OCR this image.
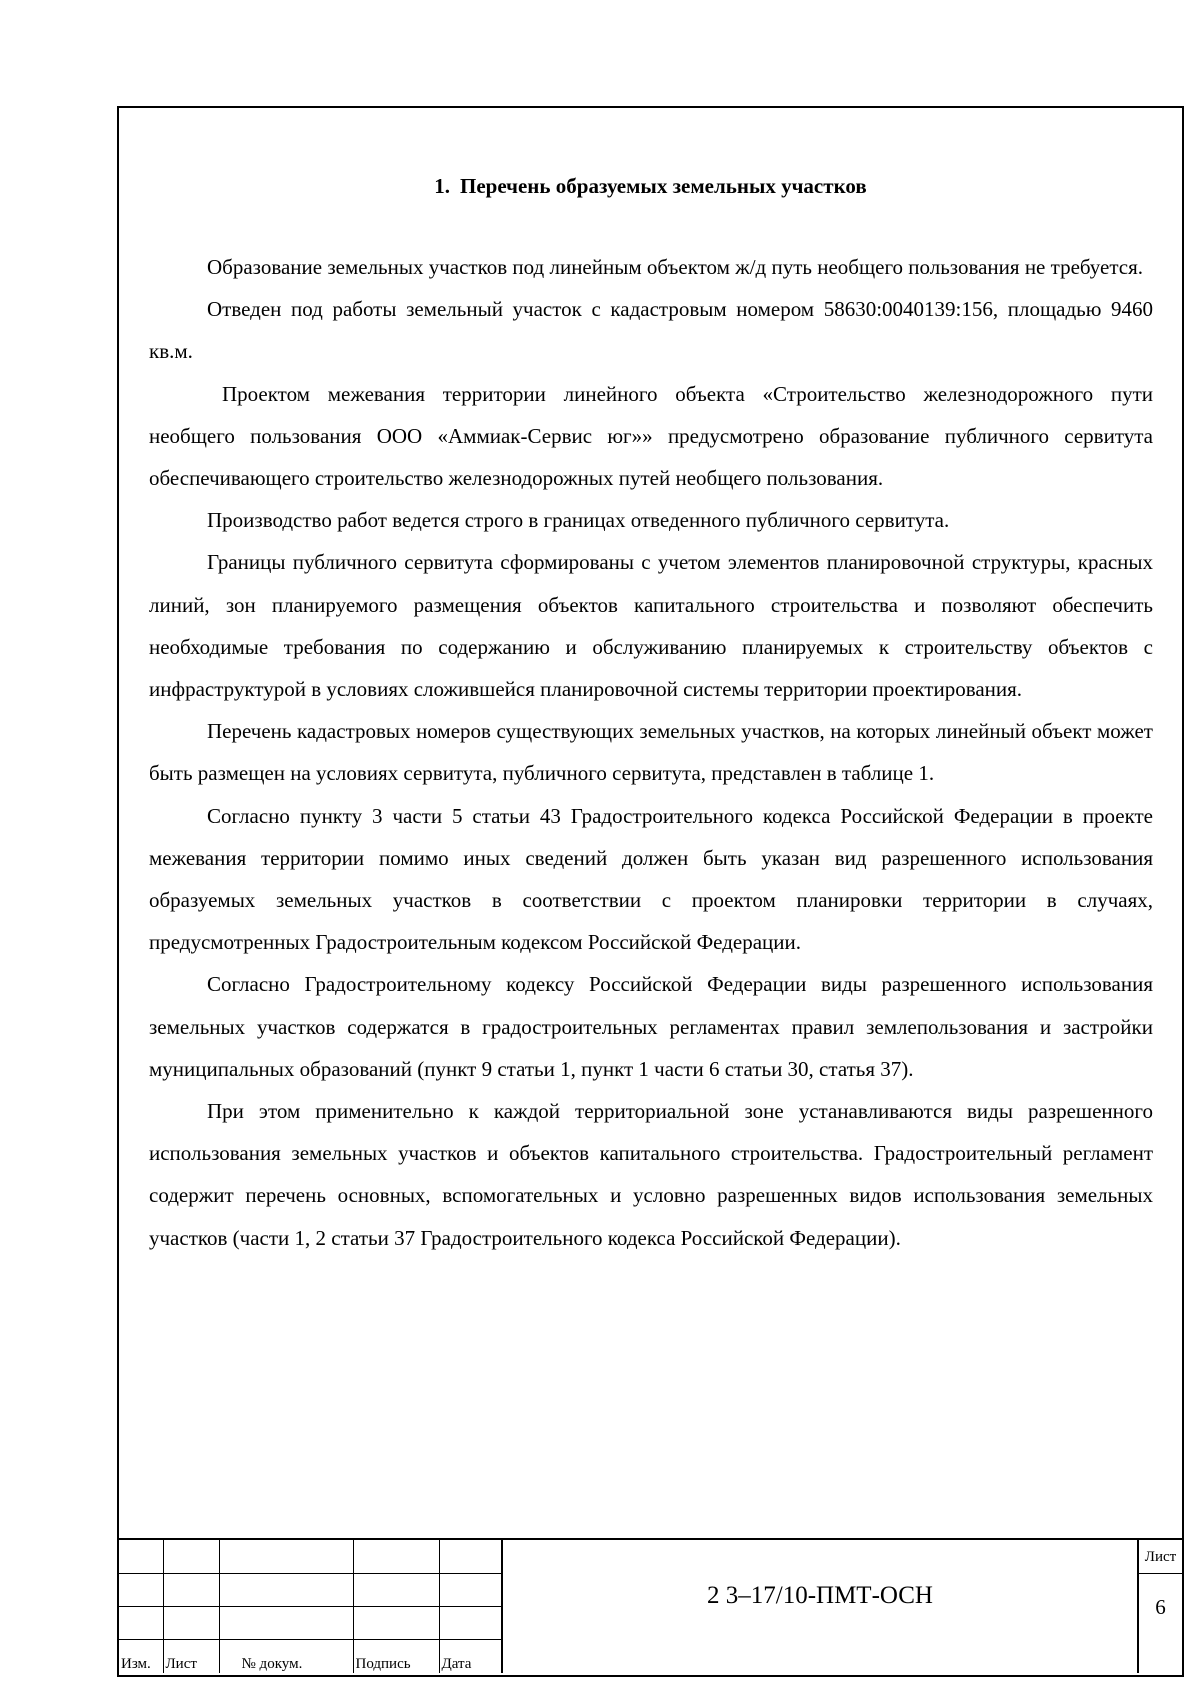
1. Перечень образуемых земельных участков

Образование земельных участков под линейным объектом ж/д путь необщего пользования не требуется.

Отведен под работы земельный участок с кадастровым номером 58630:0040139:156, площадью 9460 кв.м.

Проектом межевания территории линейного объекта «Строительство железнодорожного пути необщего пользования ООО «Аммиак-Сервис юг»» предусмотрено образование публичного сервитута обеспечивающего строительство железнодорожных путей необщего пользования.

Производство работ ведется строго в границах отведенного публичного сервитута.

Границы публичного сервитута сформированы с учетом элементов планировочной структуры, красных линий, зон планируемого размещения объектов капитального строительства и позволяют обеспечить необходимые требования по содержанию и обслуживанию планируемых к строительству объектов с инфраструктурой в условиях сложившейся планировочной системы территории проектирования.

Перечень кадастровых номеров существующих земельных участков, на которых линейный объект может быть размещен на условиях сервитута, публичного сервитута, представлен в таблице 1.

Согласно пункту 3 части 5 статьи 43 Градостроительного кодекса Российской Федерации в проекте межевания территории помимо иных сведений должен быть указан вид разрешенного использования образуемых земельных участков в соответствии с проектом планировки территории в случаях, предусмотренных Градостроительным кодексом Российской Федерации.

Согласно Градостроительному кодексу Российской Федерации виды разрешенного использования земельных участков содержатся в градостроительных регламентах правил землепользования и застройки муниципальных образований (пункт 9 статьи 1, пункт 1 части 6 статьи 30, статья 37).

При этом применительно к каждой территориальной зоне устанавливаются виды разрешенного использования земельных участков и объектов капитального строительства. Градостроительный регламент содержит перечень основных, вспомогательных и условно разрешенных видов использования земельных участков (части 1, 2 статьи 37 Градостроительного кодекса Российской Федерации).

Изм.	Лист	№ докум.	Подпись	Дата
2 3–17/10-ПМТ-ОСН
Лист
6
